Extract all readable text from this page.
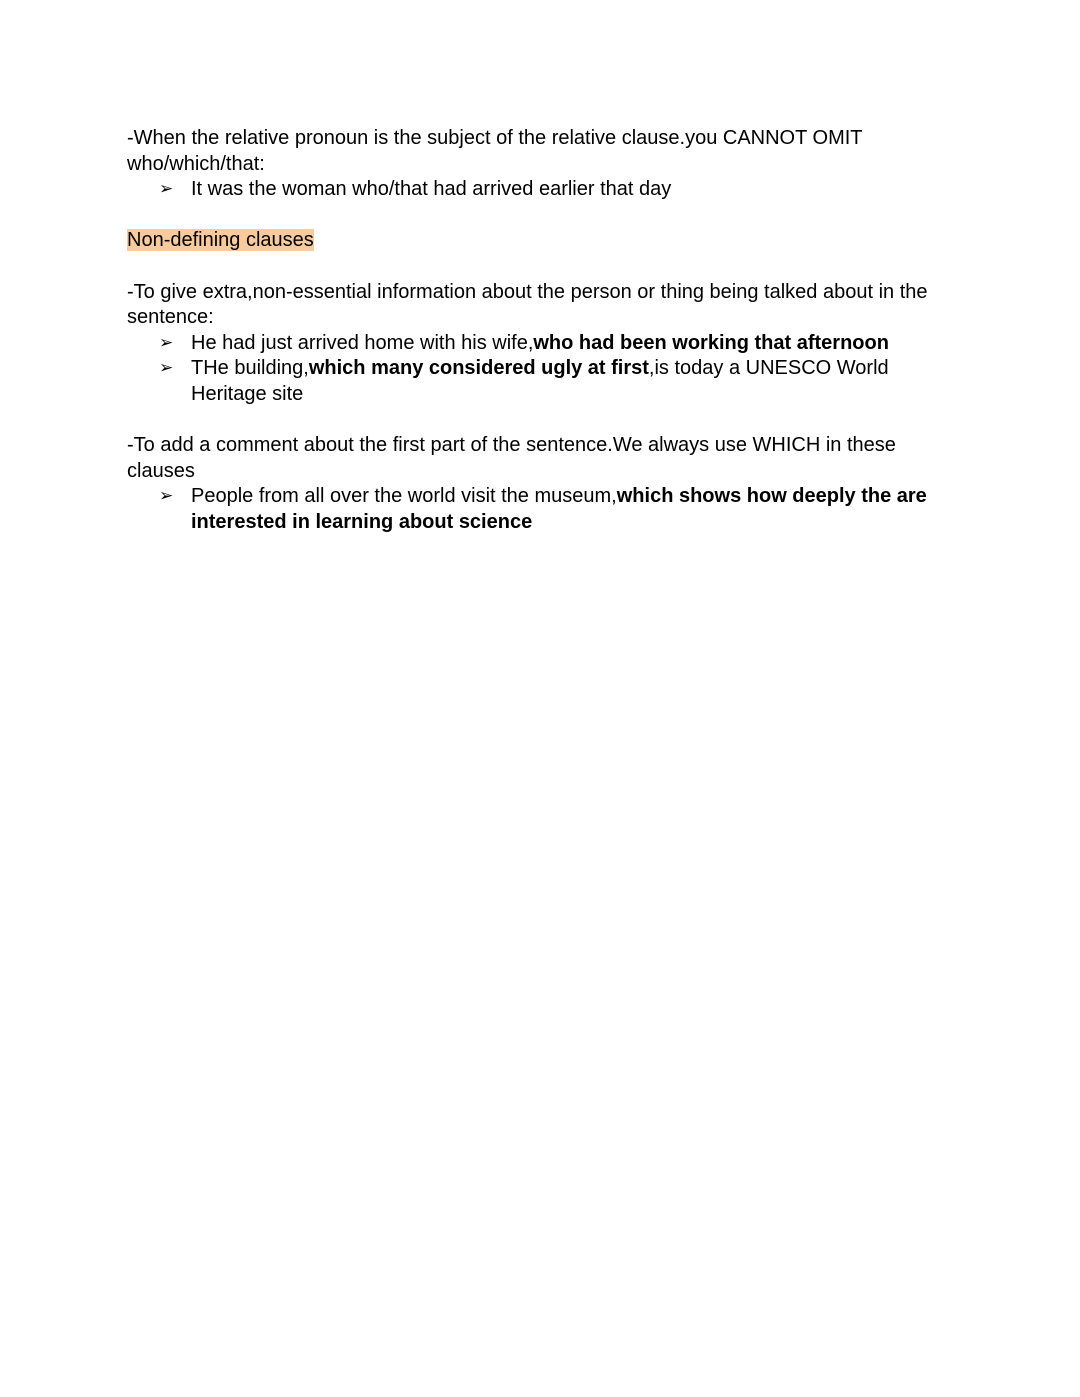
-When the relative pronoun is the subject of the relative clause.you CANNOT OMIT who/which/that:

➢ It was the woman who/that had arrived earlier that day

Non-defining clauses

-To give extra,non-essential information about the person or thing being talked about in the sentence:

➢ He had just arrived home with his wife,who had been working that afternoon
➢ THe building,which many considered ugly at first,is today a UNESCO World Heritage site

-To add a comment about the first part of the sentence.We always use WHICH in these clauses

➢ People from all over the world visit the museum,which shows how deeply the are interested in learning about science
